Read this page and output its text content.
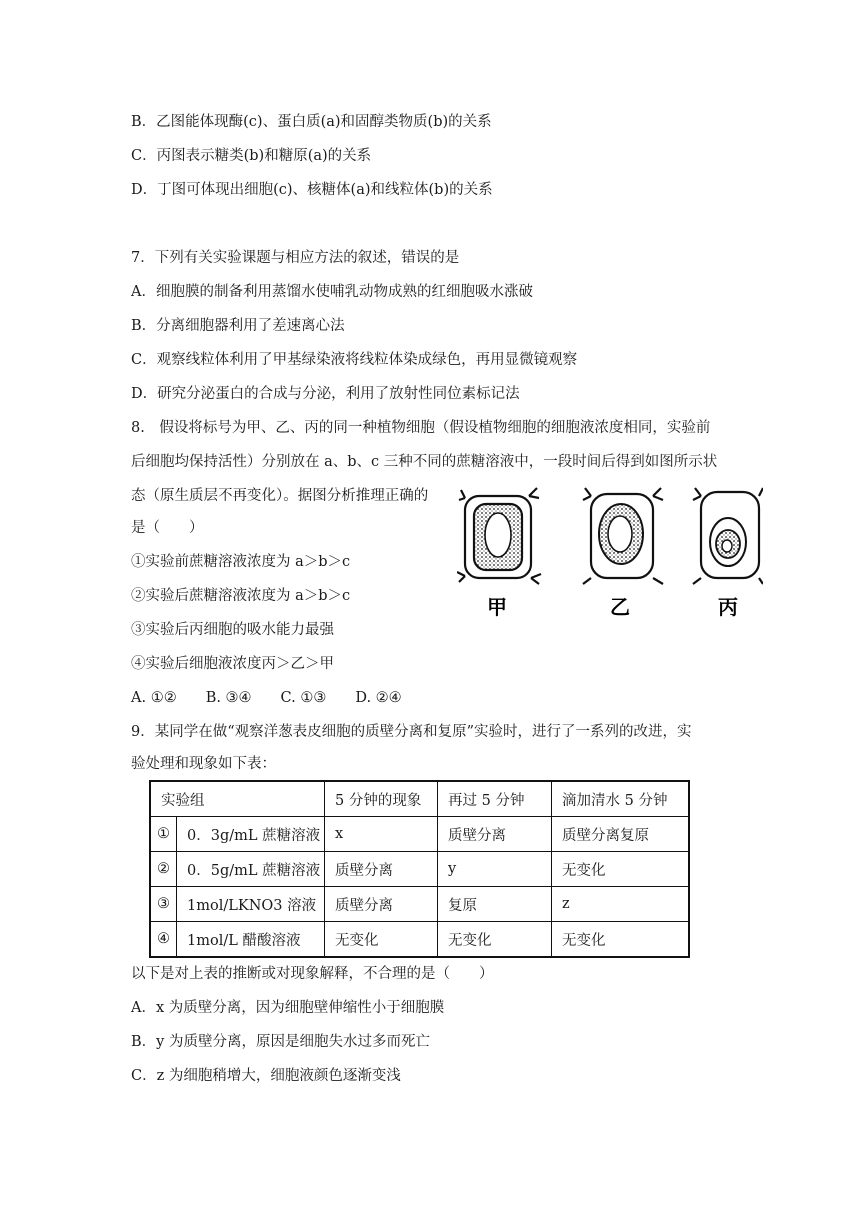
B．乙图能体现酶(c)、蛋白质(a)和固醇类物质(b)的关系
C．丙图表示糖类(b)和糖原(a)的关系
D．丁图可体现出细胞(c)、核糖体(a)和线粒体(b)的关系
7．下列有关实验课题与相应方法的叙述，错误的是
A．细胞膜的制备利用蒸馏水使哺乳动物成熟的红细胞吸水涨破
B．分离细胞器利用了差速离心法
C．观察线粒体利用了甲基绿染液将线粒体染成绿色，再用显微镜观察
D．研究分泌蛋白的合成与分泌，利用了放射性同位素标记法
8.　假设将标号为甲、乙、丙的同一种植物细胞（假设植物细胞的细胞液浓度相同，实验前
后细胞均保持活性）分别放在 a、b、c 三种不同的蔗糖溶液中，一段时间后得到如图所示状
态（原生质层不再变化）。据图分析推理正确的
是（　　）
①实验前蔗糖溶液浓度为 a＞b＞c
②实验后蔗糖溶液浓度为 a＞b＞c
③实验后丙细胞的吸水能力最强
④实验后细胞液浓度丙＞乙＞甲
A. ①②　　B. ③④　　C. ①③　　D. ②④
甲	乙	丙
9．某同学在做“观察洋葱表皮细胞的质壁分离和复原”实验时，进行了一系列的改进，实
验处理和现象如下表：
实验组		5 分钟的现象	再过 5 分钟	滴加清水 5 分钟
①	0．3g/mL 蔗糖溶液	x	质壁分离	质壁分离复原
②	0．5g/mL 蔗糖溶液	质壁分离	y	无变化
③	1mol/LKNO3 溶液	质壁分离	复原	z
④	1mol/L 醋酸溶液	无变化	无变化	无变化
以下是对上表的推断或对现象解释，不合理的是（　　）
A．x 为质壁分离，因为细胞壁伸缩性小于细胞膜
B．y 为质壁分离，原因是细胞失水过多而死亡
C．z 为细胞稍增大，细胞液颜色逐渐变浅
